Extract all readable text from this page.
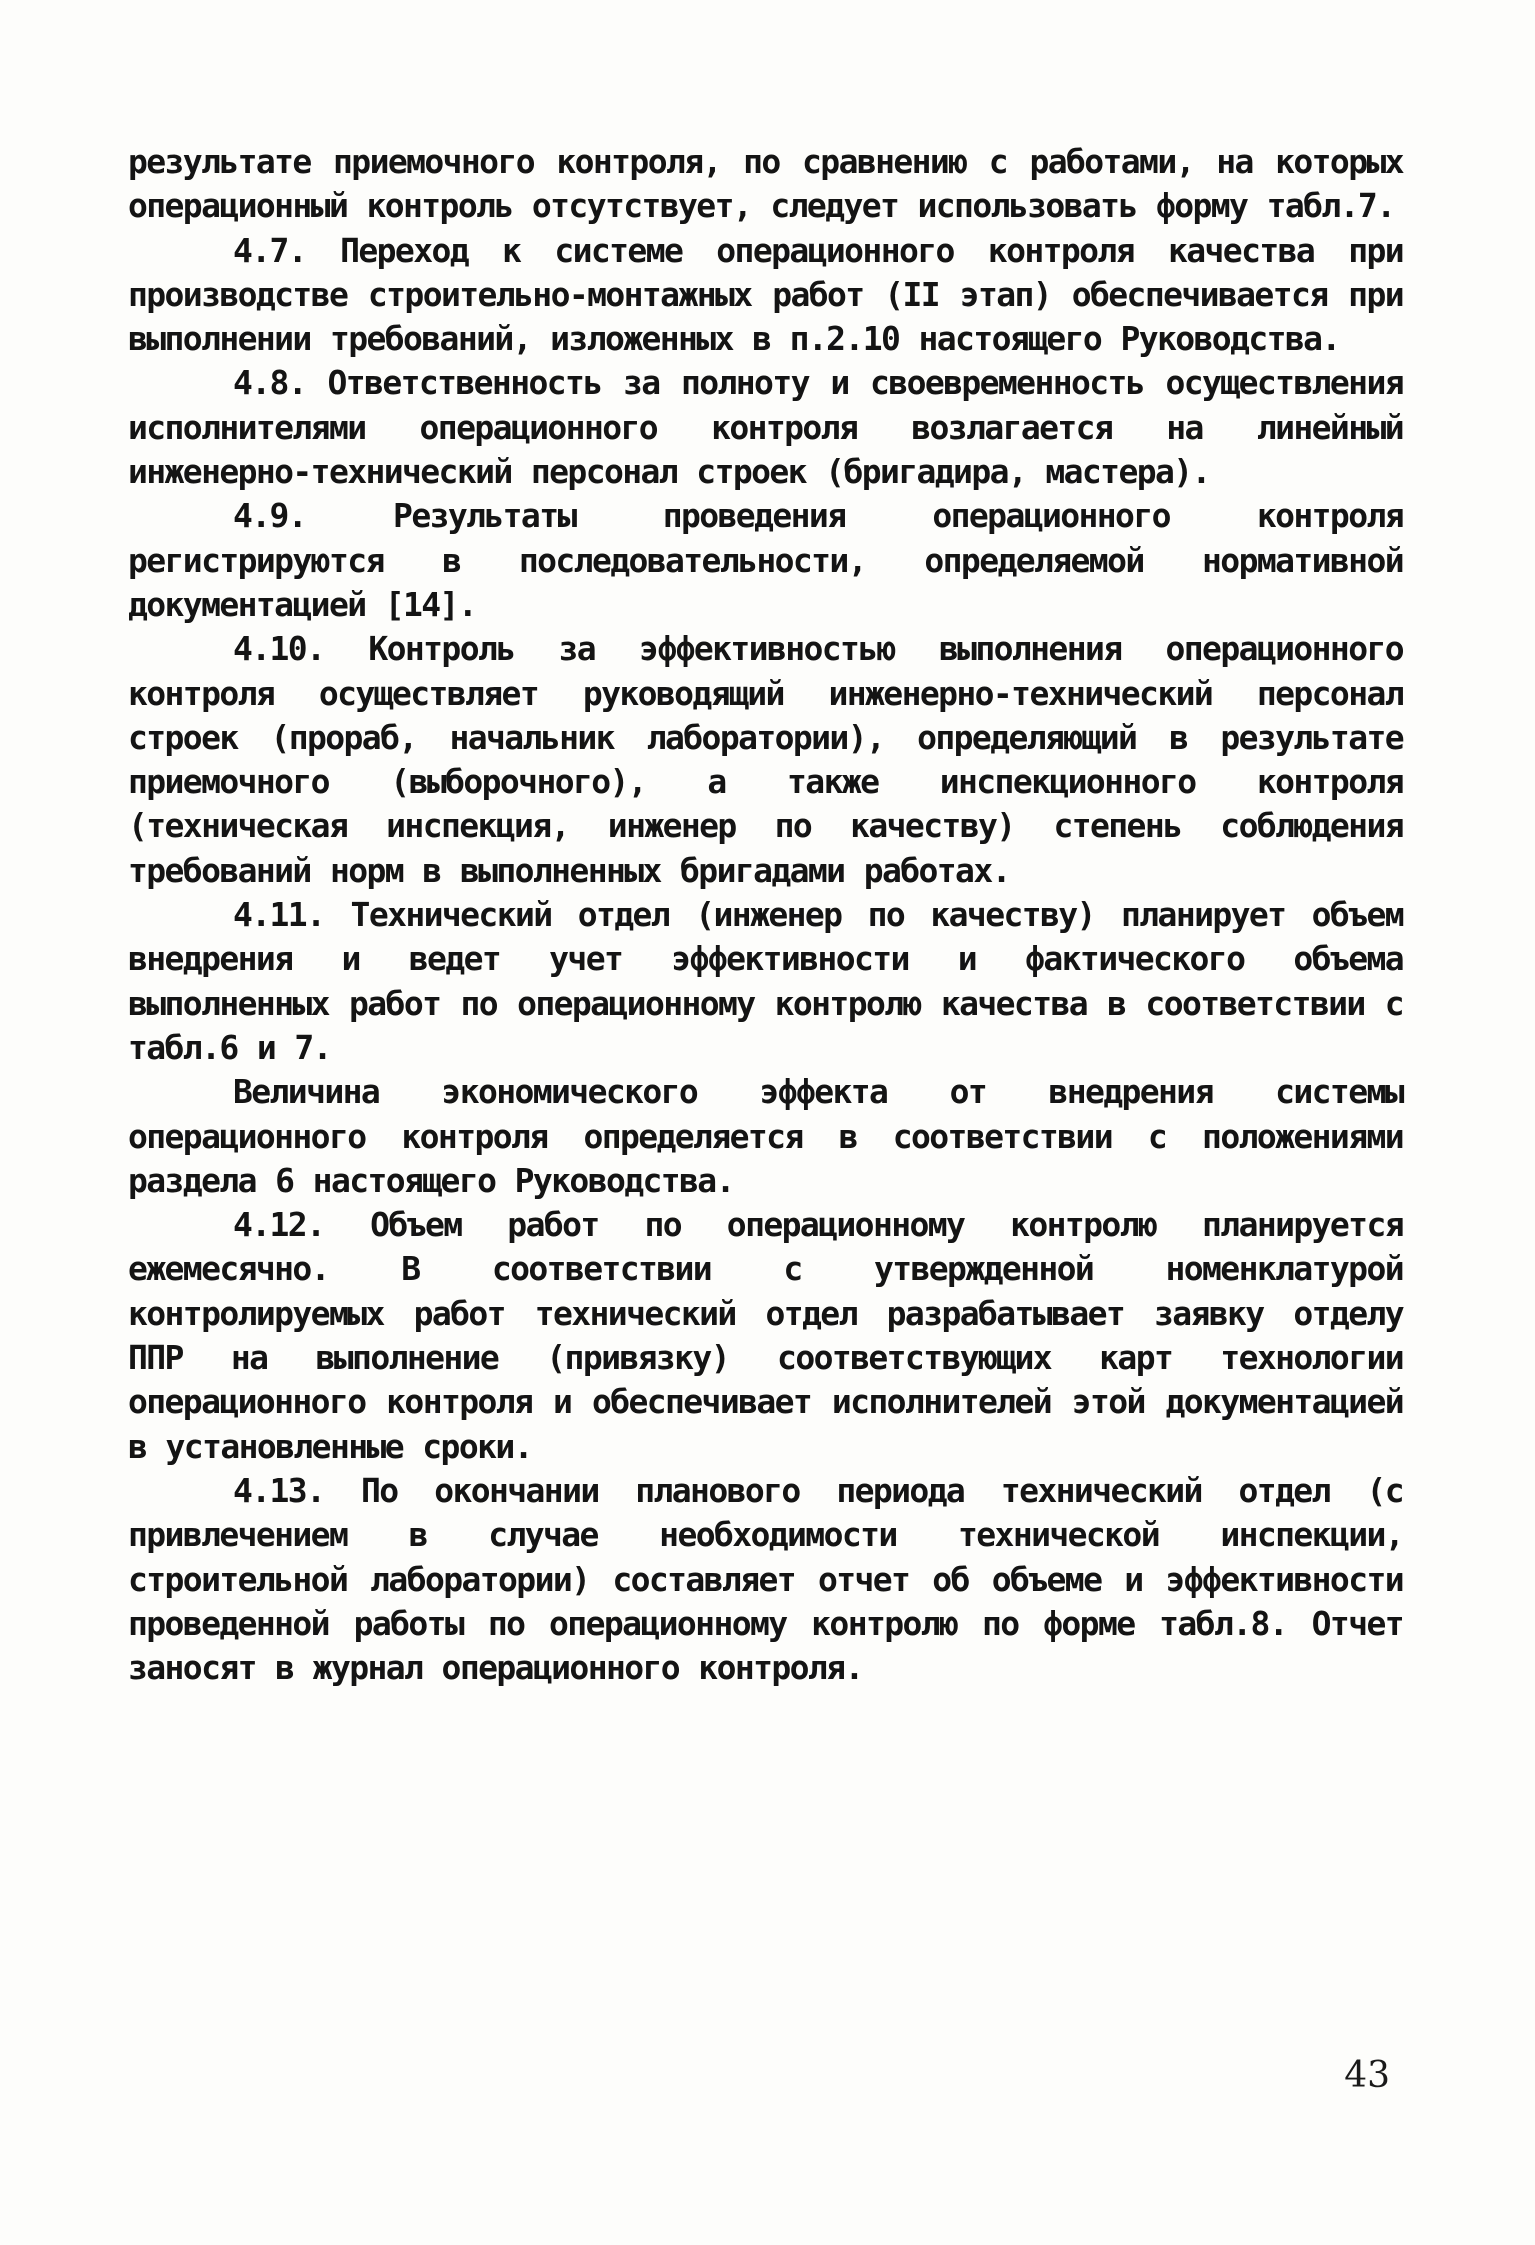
результате приемочного контроля, по сравнению с работами, на которых операционный контроль отсутствует, следует использовать форму табл.7.

4.7. Переход к системе операционного контроля качества при производстве строительно-монтажных работ (II этап) обеспечивается при выполнении требований, изложенных в п.2.10 настоящего Руководства.

4.8. Ответственность за полноту и своевременность осуществления исполнителями операционного контроля возлагается на линейный инженерно-технический персонал строек (бригадира, мастера).

4.9. Результаты проведения операционного контроля регистрируются в последовательности, определяемой нормативной документацией [14].

4.10. Контроль за эффективностью выполнения операционного контроля осуществляет руководящий инженерно-технический персонал строек (прораб, начальник лаборатории), определяющий в результате приемочного (выборочного), а также инспекционного контроля (техническая инспекция, инженер по качеству) степень соблюдения требований норм в выполненных бригадами работах.

4.11. Технический отдел (инженер по качеству) планирует объем внедрения и ведет учет эффективности и фактического объема выполненных работ по операционному контролю качества в соответствии с табл.6 и 7.

Величина экономического эффекта от внедрения системы операционного контроля определяется в соответствии с положениями раздела 6 настоящего Руководства.

4.12. Объем работ по операционному контролю планируется ежемесячно. В соответствии с утвержденной номенклатурой контролируемых работ технический отдел разрабатывает заявку отделу ППР на выполнение (привязку) соответствующих карт технологии операционного контроля и обеспечивает исполнителей этой документацией в установленные сроки.

4.13. По окончании планового периода технический отдел (с привлечением в случае необходимости технической инспекции, строительной лаборатории) составляет отчет об объеме и эффективности проведенной работы по операционному контролю по форме табл.8. Отчет заносят в журнал операционного контроля.

43
